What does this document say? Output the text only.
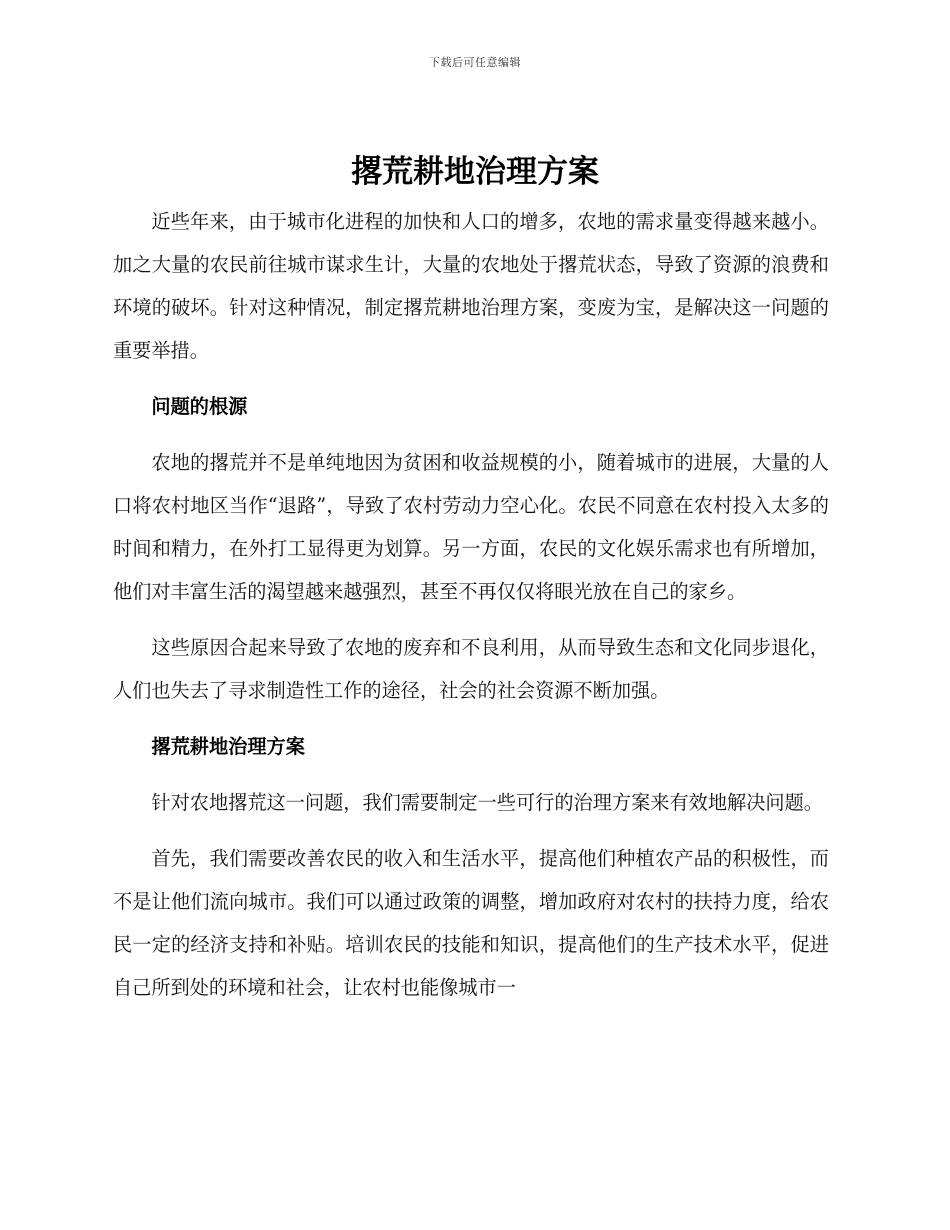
下载后可任意编辑
撂荒耕地治理方案

近些年来，由于城市化进程的加快和人口的增多，农地的需求量变得越来越小。加之大量的农民前往城市谋求生计，大量的农地处于撂荒状态，导致了资源的浪费和环境的破坏。针对这种情况，制定撂荒耕地治理方案，变废为宝，是解决这一问题的重要举措。

问题的根源

农地的撂荒并不是单纯地因为贫困和收益规模的小，随着城市的进展，大量的人口将农村地区当作“退路”，导致了农村劳动力空心化。农民不同意在农村投入太多的时间和精力，在外打工显得更为划算。另一方面，农民的文化娱乐需求也有所增加，他们对丰富生活的渴望越来越强烈，甚至不再仅仅将眼光放在自己的家乡。

这些原因合起来导致了农地的废弃和不良利用，从而导致生态和文化同步退化，人们也失去了寻求制造性工作的途径，社会的社会资源不断加强。

撂荒耕地治理方案

针对农地撂荒这一问题，我们需要制定一些可行的治理方案来有效地解决问题。

首先，我们需要改善农民的收入和生活水平，提高他们种植农产品的积极性，而不是让他们流向城市。我们可以通过政策的调整，增加政府对农村的扶持力度，给农民一定的经济支持和补贴。培训农民的技能和知识，提高他们的生产技术水平，促进自己所到处的环境和社会，让农村也能像城市一
